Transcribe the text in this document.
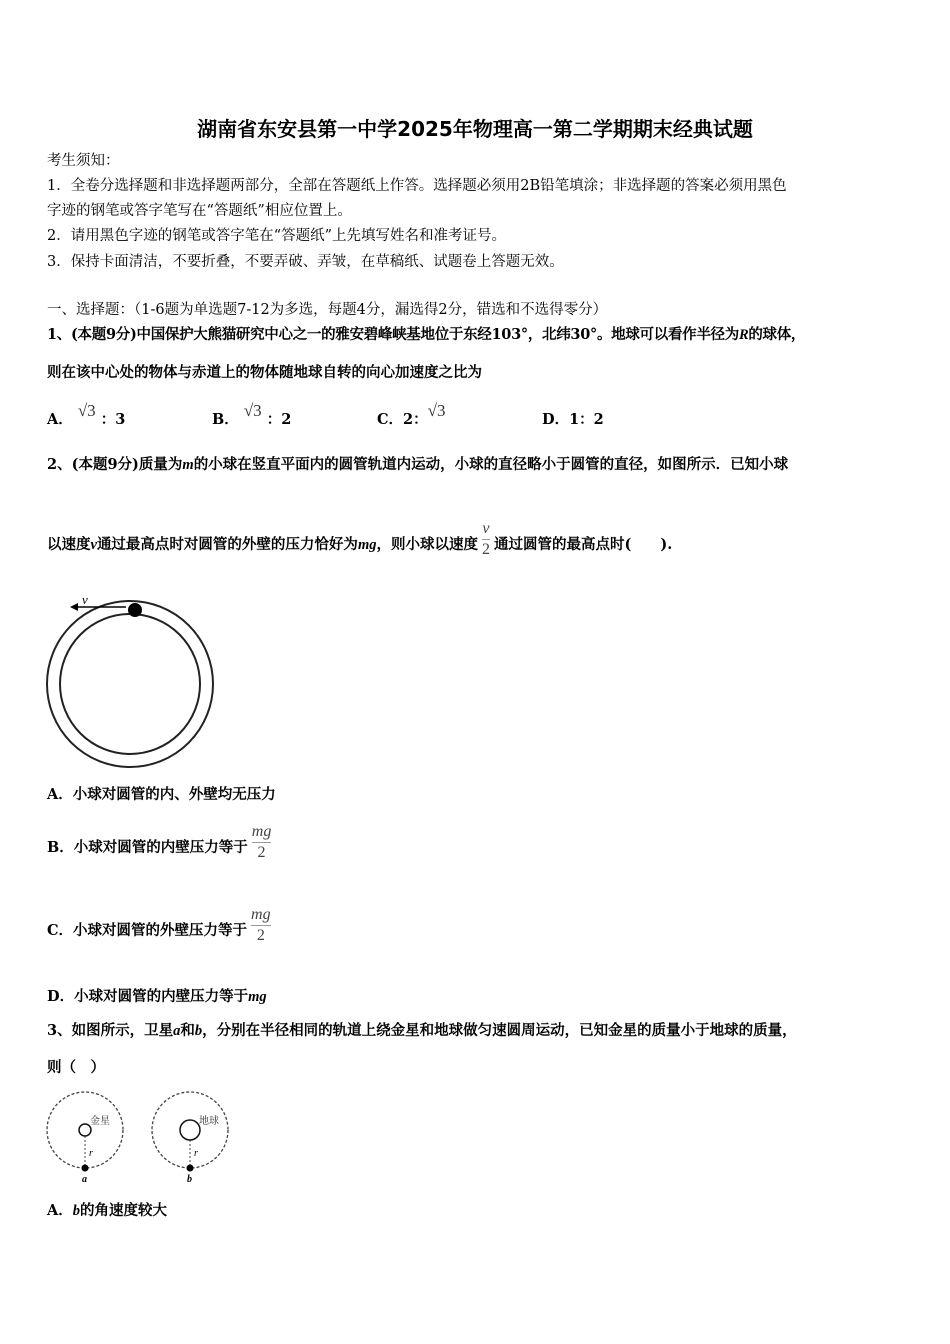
湖南省东安县第一中学2025年物理高一第二学期期末经典试题
考生须知：
1．全卷分选择题和非选择题两部分，全部在答题纸上作答。选择题必须用2B铅笔填涂；非选择题的答案必须用黑色
字迹的钢笔或答字笔写在“答题纸”相应位置上。
2．请用黑色字迹的钢笔或答字笔在“答题纸”上先填写姓名和准考证号。
3．保持卡面清洁，不要折叠，不要弄破、弄皱，在草稿纸、试题卷上答题无效。
一、选择题：（1-6题为单选题7-12为多选，每题4分，漏选得2分，错选和不选得零分）
1、(本题9分)中国保护大熊猫研究中心之一的雅安碧峰峡基地位于东经103°，北纬30°。地球可以看作半径为R的球体，
则在该中心处的物体与赤道上的物体随地球自转的向心加速度之比为
A． √3 ：3	B． √3 ：2	C．2：√3	D．1：2
2、(本题9分)质量为m的小球在竖直平面内的圆管轨道内运动，小球的直径略小于圆管的直径，如图所示．已知小球
以速度v通过最高点时对圆管的外壁的压力恰好为mg，则小球以速度 $\frac{v}{2}$ 通过圆管的最高点时(　　).
v
A．小球对圆管的内、外壁均无压力
B．小球对圆管的内壁压力等于 $\frac{mg}{2}$
C．小球对圆管的外壁压力等于 $\frac{mg}{2}$
D．小球对圆管的内壁压力等于mg
3、如图所示，卫星a和b，分别在半径相同的轨道上绕金星和地球做匀速圆周运动，已知金星的质量小于地球的质量，
则（　）
金星
r
a
地球
r
b
A．b的角速度较大
